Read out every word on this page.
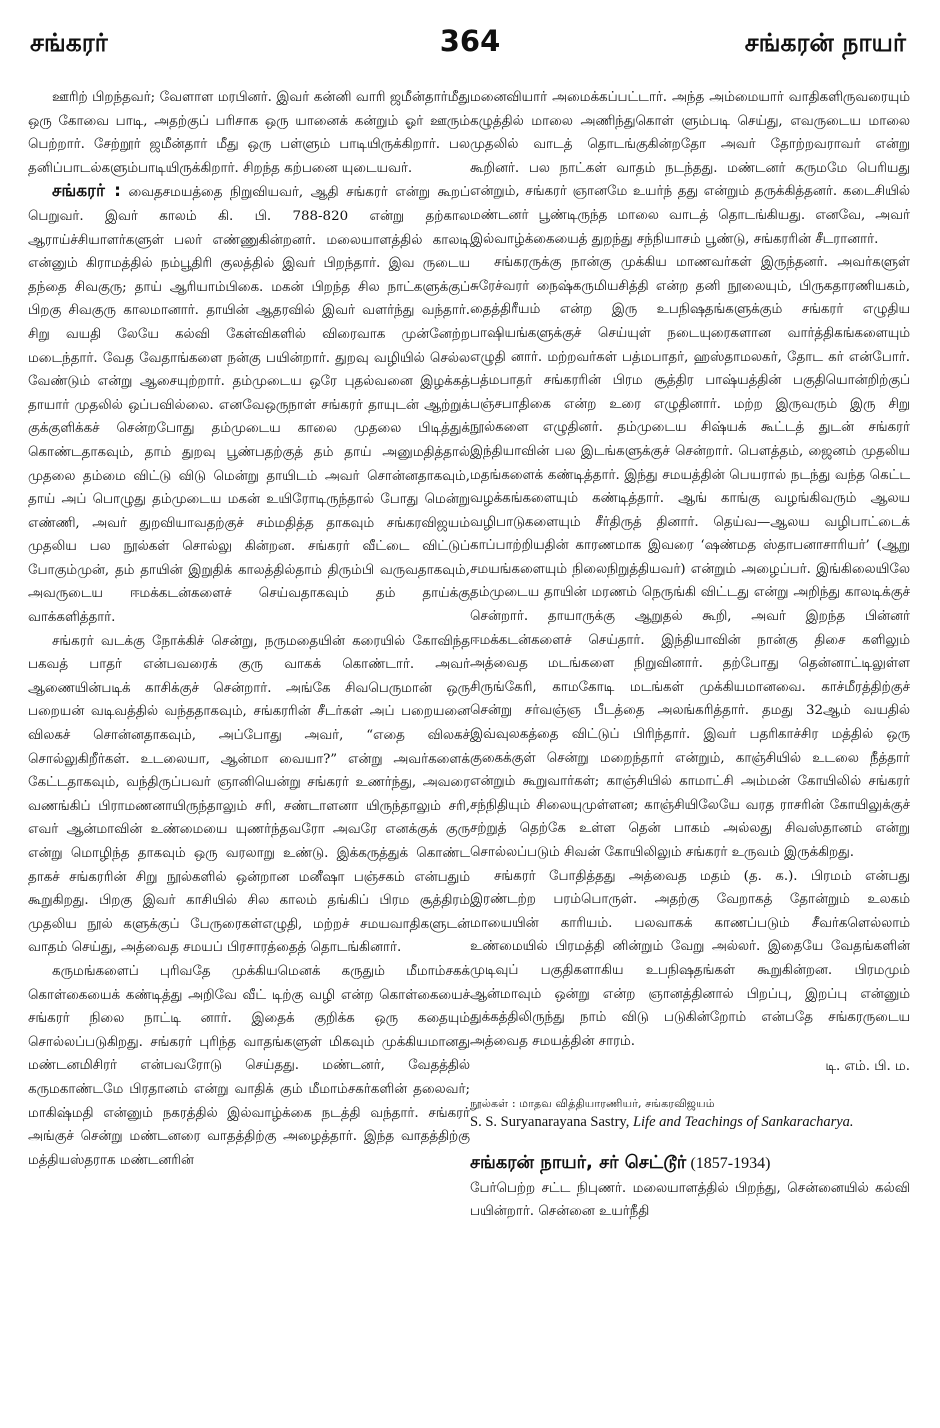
சங்கரர்	364	சங்கரன் நாயர்

ஊரிற் பிறந்தவர்; வேளாள மரபினர். இவர் கன்னி வாரி ஜமீன்தார்மீது ஒரு கோவை பாடி, அதற்குப் பரிசாக ஒரு யானைக் கன்றும் ஓர் ஊரும் பெற்றார். சேற்றூர் ஜமீன்தார் மீது ஒரு பள்ளும் பாடியிருக்கிறார். பல தனிப்பாடல்களும்பாடியிருக்கிறார். சிறந்த கற்பனை யுடையவர்.

சங்கரர் : வைதசமயத்தை நிறுவியவர், ஆதி சங்கரர் என்று கூறப் பெறுவர். இவர் காலம் கி. பி. 788-820 என்று தற்கால ஆராய்ச்சியாளர்களுள் பலர் எண்ணுகின்றனர். மலையாளத்தில் காலடி என்னும் கிராமத்தில் நம்பூதிரி குலத்தில் இவர் பிறந்தார். இவ ருடைய தந்தை சிவகுரு; தாய் ஆரியாம்பிகை. மகன் பிறந்த சில நாட்களுக்குப் பிறகு சிவகுரு காலமானார். தாயின் ஆதரவில் இவர் வளர்ந்து வந்தார். சிறு வயதி லேயே கல்வி கேள்விகளில் விரைவாக முன்னேற்ற மடைந்தார். வேத வேதாங்களை நன்கு பயின்றார். துறவு வழியில் செல்ல வேண்டும் என்று ஆசையுற்றார். தம்முடைய ஒரே புதல்வனை இழக்கத் தாயார் முதலில் ஒப்பவில்லை. எனவேஒருநாள் சங்கரர் தாயுடன் ஆற்றுக் குக்குளிக்கச் சென்றபோது தம்முடைய காலை முதலை பிடித்துக் கொண்டதாகவும், தாம் துறவு பூண்பதற்குத் தம் தாய் அனுமதித்தால் முதலை தம்மை விட்டு விடு மென்று தாயிடம் அவர் சொன்னதாகவும், தாய் அப் பொழுது தம்முடைய மகன் உயிரோடிருந்தால் போது மென்று எண்ணி, அவர் துறவியாவதற்குச் சம்மதித்த தாகவும் சங்கரவிஜயம் முதலிய பல நூல்கள் சொல்லு கின்றன. சங்கரர் வீட்டை விட்டுப் போகும்முன், தம் தாயின் இறுதிக் காலத்தில்தாம் திரும்பி வருவதாகவும், அவருடைய ஈமக்கடன்களைச் செய்வதாகவும் தம் தாய்க்கு வாக்களித்தார்.

சங்கரர் வடக்கு நோக்கிச் சென்று, நருமதையின் கரையில் கோவிந்த பகவத் பாதர் என்பவரைக் குரு வாகக் கொண்டார். அவர் ஆணையின்படிக் காசிக்குச் சென்றார். அங்கே சிவபெருமான் ஒரு பறையன் வடிவத்தில் வந்ததாகவும், சங்கரரின் சீடர்கள் அப் பறையனை விலகச் சொன்னதாகவும், அப்போது அவர், “எதை விலகச் சொல்லுகிறீர்கள். உடலையா, ஆன்மா வையா?” என்று அவர்களைக் கேட்டதாகவும், வந்திருப்பவர் ஞானியென்று சங்கரர் உணர்ந்து, அவரை வணங்கிப் பிராமணனாயிருந்தாலும் சரி, சண்டாளனா யிருந்தாலும் சரி, எவர் ஆன்மாவின் உண்மையை யுணர்ந்தவரோ அவரே எனக்குக் குரு என்று மொழிந்த தாகவும் ஒரு வரலாறு உண்டு. இக்கருத்துக் கொண்ட தாகச் சங்கரரின் சிறு நூல்களில் ஒன்றான மனீஷா பஞ்சகம் என்பதும் கூறுகிறது. பிறகு இவர் காசியில் சில காலம் தங்கிப் பிரம சூத்திரம் முதலிய நூல் களுக்குப் பேருரைகள்எழுதி, மற்றச் சமயவாதிகளுடன் வாதம் செய்து, அத்வைத சமயப் பிரசாரத்தைத் தொடங்கினார்.

கருமங்களைப் புரிவதே முக்கியமெனக் கருதும் மீமாம்சகக் கொள்கையைக் கண்டித்து அறிவே வீட் டிற்கு வழி என்ற கொள்கையைச் சங்கரர் நிலை நாட்டி னார். இதைக் குறிக்க ஒரு கதையும் சொல்லப்படுகிறது. சங்கரர் புரிந்த வாதங்களுள் மிகவும் முக்கியமானது மண்டனமிசிரர் என்பவரோடு செய்தது. மண்டனர், வேதத்தில் கருமகாண்டமே பிரதானம் என்று வாதிக் கும் மீமாம்சகர்களின் தலைவர்; மாகிஷ்மதி என்னும் நகரத்தில் இல்வாழ்க்கை நடத்தி வந்தார். சங்கரர் அங்குச் சென்று மண்டனரை வாதத்திற்கு அழைத்தார். இந்த வாதத்திற்கு மத்தியஸ்தராக மண்டனரின்

மனைவியார் அமைக்கப்பட்டார். அந்த அம்மையார் வாதிகளிருவரையும் கழுத்தில் மாலை அணிந்துகொள் ளும்படி செய்து, எவருடைய மாலை முதலில் வாடத் தொடங்குகின்றதோ அவர் தோற்றவராவர் என்று கூறினர். பல நாட்கள் வாதம் நடந்தது. மண்டனர் கருமமே பெரியது என்றும், சங்கரர் ஞானமே உயர்ந் தது என்றும் தருக்கித்தனர். கடைசியில் மண்டனர் பூண்டிருந்த மாலை வாடத் தொடங்கியது. எனவே, அவர் இல்வாழ்க்கையைத் துறந்து சந்நியாசம் பூண்டு, சங்கரரின் சீடரானார்.

சங்கரருக்கு நான்கு முக்கிய மாணவர்கள் இருந்தனர். அவர்களுள் சுரேச்வரர் நைஷ்கருமியசித்தி என்ற தனி நூலையும், பிருகதாரணியகம், தைத்திரீயம் என்ற இரு உபநிஷதங்களுக்கும் சங்கரர் எழுதிய பாஷியங்களுக்குச் செய்யுள் நடையுரைகளான வார்த்திகங்களையும் எழுதி னார். மற்றவர்கள் பத்மபாதர், ஹஸ்தாமலகர், தோட கர் என்போர். பத்மபாதர் சங்கரரின் பிரம சூத்திர பாஷ்யத்தின் பகுதியொன்றிற்குப் பஞ்சபாதிகை என்ற உரை எழுதினார். மற்ற இருவரும் இரு சிறு நூல்களை எழுதினர். தம்முடைய சிஷ்யக் கூட்டத் துடன் சங்கரர் இந்தியாவின் பல இடங்களுக்குச் சென்றார். பௌத்தம், ஜைனம் முதலிய மதங்களைக் கண்டித்தார். இந்து சமயத்தின் பெயரால் நடந்து வந்த கெட்ட வழக்கங்களையும் கண்டித்தார். ஆங் காங்கு வழங்கிவரும் ஆலய வழிபாடுகளையும் சீர்திருத் தினார். தெய்வ—ஆலய வழிபாட்டைக் காப்பாற்றியதின் காரணமாக இவரை ‘ஷண்மத ஸ்தாபனாசாரியர்’ (ஆறு சமயங்களையும் நிலைநிறுத்தியவர்) என்றும் அழைப்பர். இங்கிலையிலே தம்முடைய தாயின் மரணம் நெருங்கி விட்டது என்று அறிந்து காலடிக்குச் சென்றார். தாயாருக்கு ஆறுதல் கூறி, அவர் இறந்த பின்னர் ஈமக்கடன்களைச் செய்தார். இந்தியாவின் நான்கு திசை களிலும் அத்வைத மடங்களை நிறுவினார். தற்போது தென்னாட்டிலுள்ள சிருங்கேரி, காமகோடி மடங்கள் முக்கியமானவை. காச்மீரத்திற்குச் சென்று சர்வஞ்ஞ பீடத்தை அலங்கரித்தார். தமது 32ஆம் வயதில் இவ்வுலகத்தை விட்டுப் பிரிந்தார். இவர் பதரிகாச்சிர மத்தில் ஒரு குகைக்குள் சென்று மறைந்தார் என்றும், காஞ்சியில் உடலை நீத்தார் என்றும் கூறுவார்கள்; காஞ்சியில் காமாட்சி அம்மன் கோயிலில் சங்கரர் சந்நிதியும் சிலையுமுள்ளன; காஞ்சியிலேயே வரத ராசரின் கோயிலுக்குச் சற்றுத் தெற்கே உள்ள தென் பாகம் அல்லது சிவஸ்தானம் என்று சொல்லப்படும் சிவன் கோயிலிலும் சங்கரர் உருவம் இருக்கிறது.

சங்கரர் போதித்தது அத்வைத மதம் (த. க.). பிரமம் என்பது இரண்டற்ற பரம்பொருள். அதற்கு வேறாகத் தோன்றும் உலகம் மாயையின் காரியம். பலவாகக் காணப்படும் சீவர்களெல்லாம் உண்மையில் பிரமத்தி னின்றும் வேறு அல்லர். இதையே வேதங்களின் முடிவுப் பகுதிகளாகிய உபநிஷதங்கள் கூறுகின்றன. பிரமமும் ஆன்மாவும் ஒன்று என்ற ஞானத்தினால் பிறப்பு, இறப்பு என்னும் துக்கத்திலிருந்து நாம் விடு படுகின்றோம் என்பதே சங்கரருடைய அத்வைத சமயத்தின் சாரம்.
டி. எம். பி. ம.

நூல்கள் : மாதவ வித்தியாரணியர், சங்கரவிஜயம்
S. S. Suryanarayana Sastry, Life and Teachings of Sankaracharya.
சங்கரன் நாயர், சர் செட்டூர் (1857-1934)
பேர்பெற்ற சட்ட நிபுணர். மலையாளத்தில் பிறந்து, சென்னையில் கல்வி பயின்றார். சென்னை உயர்நீதி
